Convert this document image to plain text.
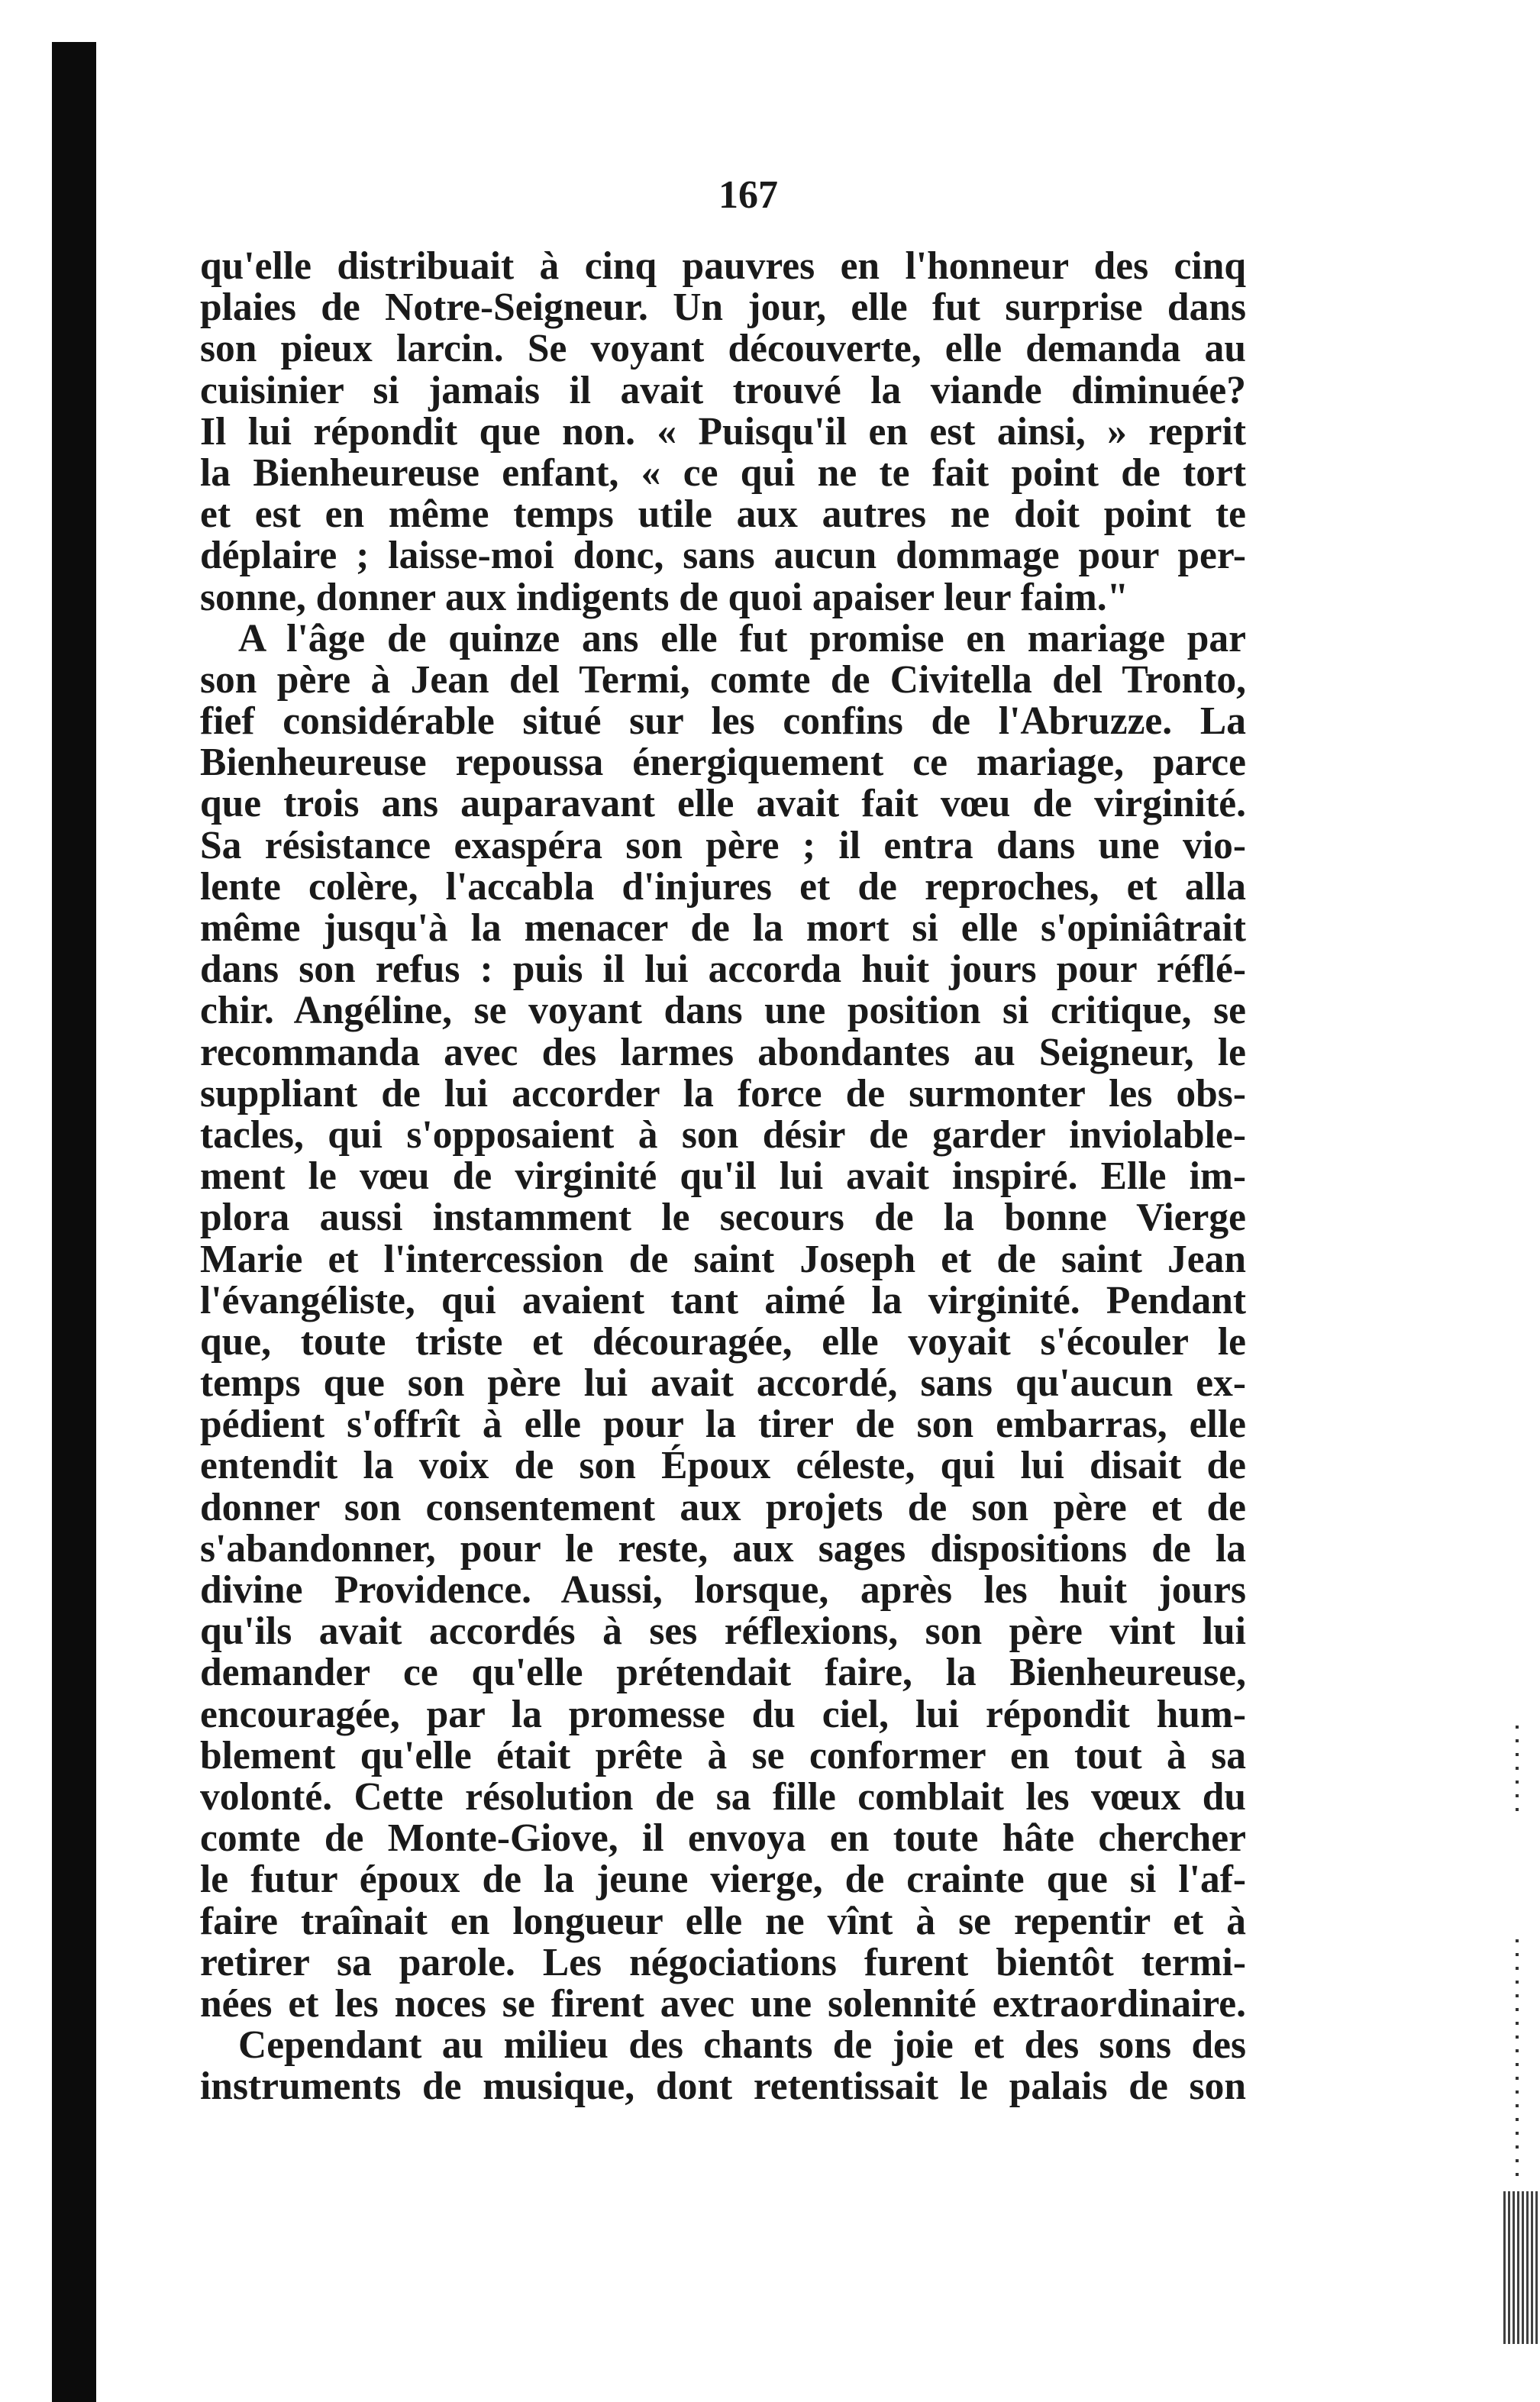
167
qu'elle distribuait à cinq pauvres en l'honneur des cinq
plaies de Notre-Seigneur. Un jour, elle fut surprise dans
son pieux larcin. Se voyant découverte, elle demanda au
cuisinier si jamais il avait trouvé la viande diminuée?
Il lui répondit que non. « Puisqu'il en est ainsi, » reprit
la Bienheureuse enfant, « ce qui ne te fait point de tort
et est en même temps utile aux autres ne doit point te
déplaire ; laisse-moi donc, sans aucun dommage pour per-
sonne, donner aux indigents de quoi apaiser leur faim."
A l'âge de quinze ans elle fut promise en mariage par
son père à Jean del Termi, comte de Civitella del Tronto,
fief considérable situé sur les confins de l'Abruzze. La
Bienheureuse repoussa énergiquement ce mariage, parce
que trois ans auparavant elle avait fait vœu de virginité.
Sa résistance exaspéra son père ; il entra dans une vio-
lente colère, l'accabla d'injures et de reproches, et alla
même jusqu'à la menacer de la mort si elle s'opiniâtrait
dans son refus : puis il lui accorda huit jours pour réflé-
chir. Angéline, se voyant dans une position si critique, se
recommanda avec des larmes abondantes au Seigneur, le
suppliant de lui accorder la force de surmonter les obs-
tacles, qui s'opposaient à son désir de garder inviolable-
ment le vœu de virginité qu'il lui avait inspiré. Elle im-
plora aussi instamment le secours de la bonne Vierge
Marie et l'intercession de saint Joseph et de saint Jean
l'évangéliste, qui avaient tant aimé la virginité. Pendant
que, toute triste et découragée, elle voyait s'écouler le
temps que son père lui avait accordé, sans qu'aucun ex-
pédient s'offrît à elle pour la tirer de son embarras, elle
entendit la voix de son Époux céleste, qui lui disait de
donner son consentement aux projets de son père et de
s'abandonner, pour le reste, aux sages dispositions de la
divine Providence. Aussi, lorsque, après les huit jours
qu'ils avait accordés à ses réflexions, son père vint lui
demander ce qu'elle prétendait faire, la Bienheureuse,
encouragée, par la promesse du ciel, lui répondit hum-
blement qu'elle était prête à se conformer en tout à sa
volonté. Cette résolution de sa fille comblait les vœux du
comte de Monte-Giove, il envoya en toute hâte chercher
le futur époux de la jeune vierge, de crainte que si l'af-
faire traînait en longueur elle ne vînt à se repentir et à
retirer sa parole. Les négociations furent bientôt termi-
nées et les noces se firent avec une solennité extraordinaire.
Cependant au milieu des chants de joie et des sons des
instruments de musique, dont retentissait le palais de son
